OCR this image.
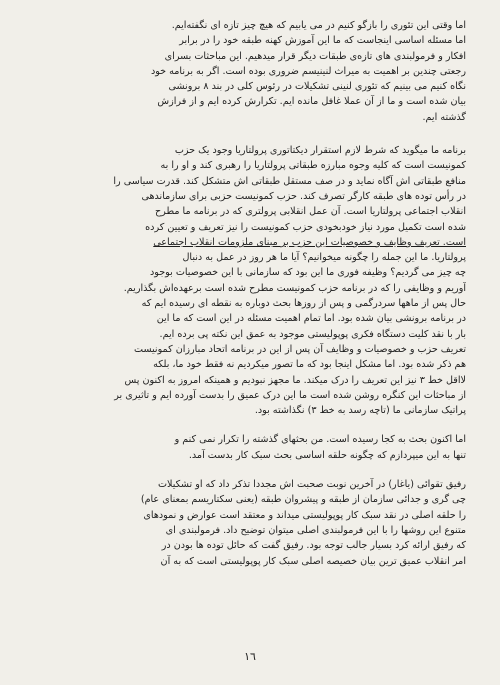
اما وقتی این تئوری را بازگو کنیم در می یابیم که هیچ چیز تازه ای نگفته‌ایم.
اما مسئله اساسی اینجاست که ما این آموزش کهنه طبقه خود را در برابر
افکار و فرمولبندی های تازه‌ی طبقات دیگر قرار میدهیم. این مباحثات بسرای
رجعتی چندین بر اهمیت به میراث لنینیسم ضروری بوده است. اگر به برنامه خود
نگاه کنیم می بینیم که تئوری لنینی تشکیلات در رئوس کلی در بند ۸ برونشی
بیان شده است و ما از آن عملا غافل مانده ایم. تکرارش کرده ایم و از فرازش
گذشته ایم.
برنامه ما میگوید که شرط لازم استقرار دیکتاتوری پرولتاریا وجود یک حزب
کمونیست است که کلیه وجوه مبارزه طبقاتی پرولتاریا را رهبری کند و او را به
منافع طبقاتی اش آگاه نماید و در صف مستقل طبقاتی اش متشکل کند. قدرت سیاسی را
در رأس توده های طبقه کارگر تصرف کند. حزب کمونیست حزبی برای سازماندهی
انقلاب اجتماعی پرولتاریا است. آن عمل انقلابی پرولتری که در برنامه ما مطرح
شده است تکمیل مورد نیاز خودبخودی حزب کمونیست را نیز تعریف و تعیین کرده
است. تعریف وظایف و خصوصیات این حزب بر مبنای ملزومات انقلاب اجتماعی
پرولتاریا. ما این جمله را چگونه میخوانیم؟ آیا ما هر روز در عمل به دنبال
چه چیز می گردیم؟ وظیفه فوری ما این بود که سازمانی با این خصوصیات بوجود
آوریم و وظایفی را که در برنامه حزب کمونیست مطرح شده است برعهده‌اش بگذاریم.
حال پس از ماهها سردرگمی و پس از روزها بحث دوباره به نقطه ای رسیده ایم که
در برنامه برونشی بیان شده بود. اما تمام اهمیت مسئله در این است که ما این
بار با نقد کلیت دستگاه فکری پوپولیستی موجود به عمق این نکته پی برده ایم.
تعریف حزب و خصوصیات و وظایف آن پس از این در برنامه اتحاد مبارزان کمونیست
هم ذکر شده بود. اما مشکل اینجا بود که ما تصور میکردیم نه فقط خود ما، بلکه
لااقل خط ۳ نیز این تعریف را درک میکند. ما مجهز نبودیم و همینکه امروز به اکنون پس
از مباحثات این کنگره روشن شده است ما این درک عمیق را بدست آورده ایم و تاثیری بر
پراتیک سازمانی ما (تاچه رسد به خط ۳) نگذاشته بود.
اما اکنون بحث به کجا رسیده است. من بحثهای گذشته را تکرار نمی کنم و
تنها به این میپردازم که چگونه حلقه اساسی بحث سبک کار بدست آمد.
رفیق تقوائی (یاغار) در آخرین نوبت صحبت اش مجددا تذکر داد که او تشکیلات
چی گری و جدائی سازمان از طبقه و پیشروان طبقه (یعنی سکتاریسم بمعنای عام)
را حلقه اصلی در نقد سبک کار پوپولیستی میداند و معتقد است عوارض و نمودهای
متنوع این روشها را با این فرمولبندی اصلی میتوان توضیح داد. فرمولبندی ای
که رفیق ارائه کرد بسیار جالب توجه بود. رفیق گفت که حائل توده ها بودن در
امر انقلاب عمیق ترین بیان خصیصه اصلی سبک کار پوپولیستی است که به آن
١٦
